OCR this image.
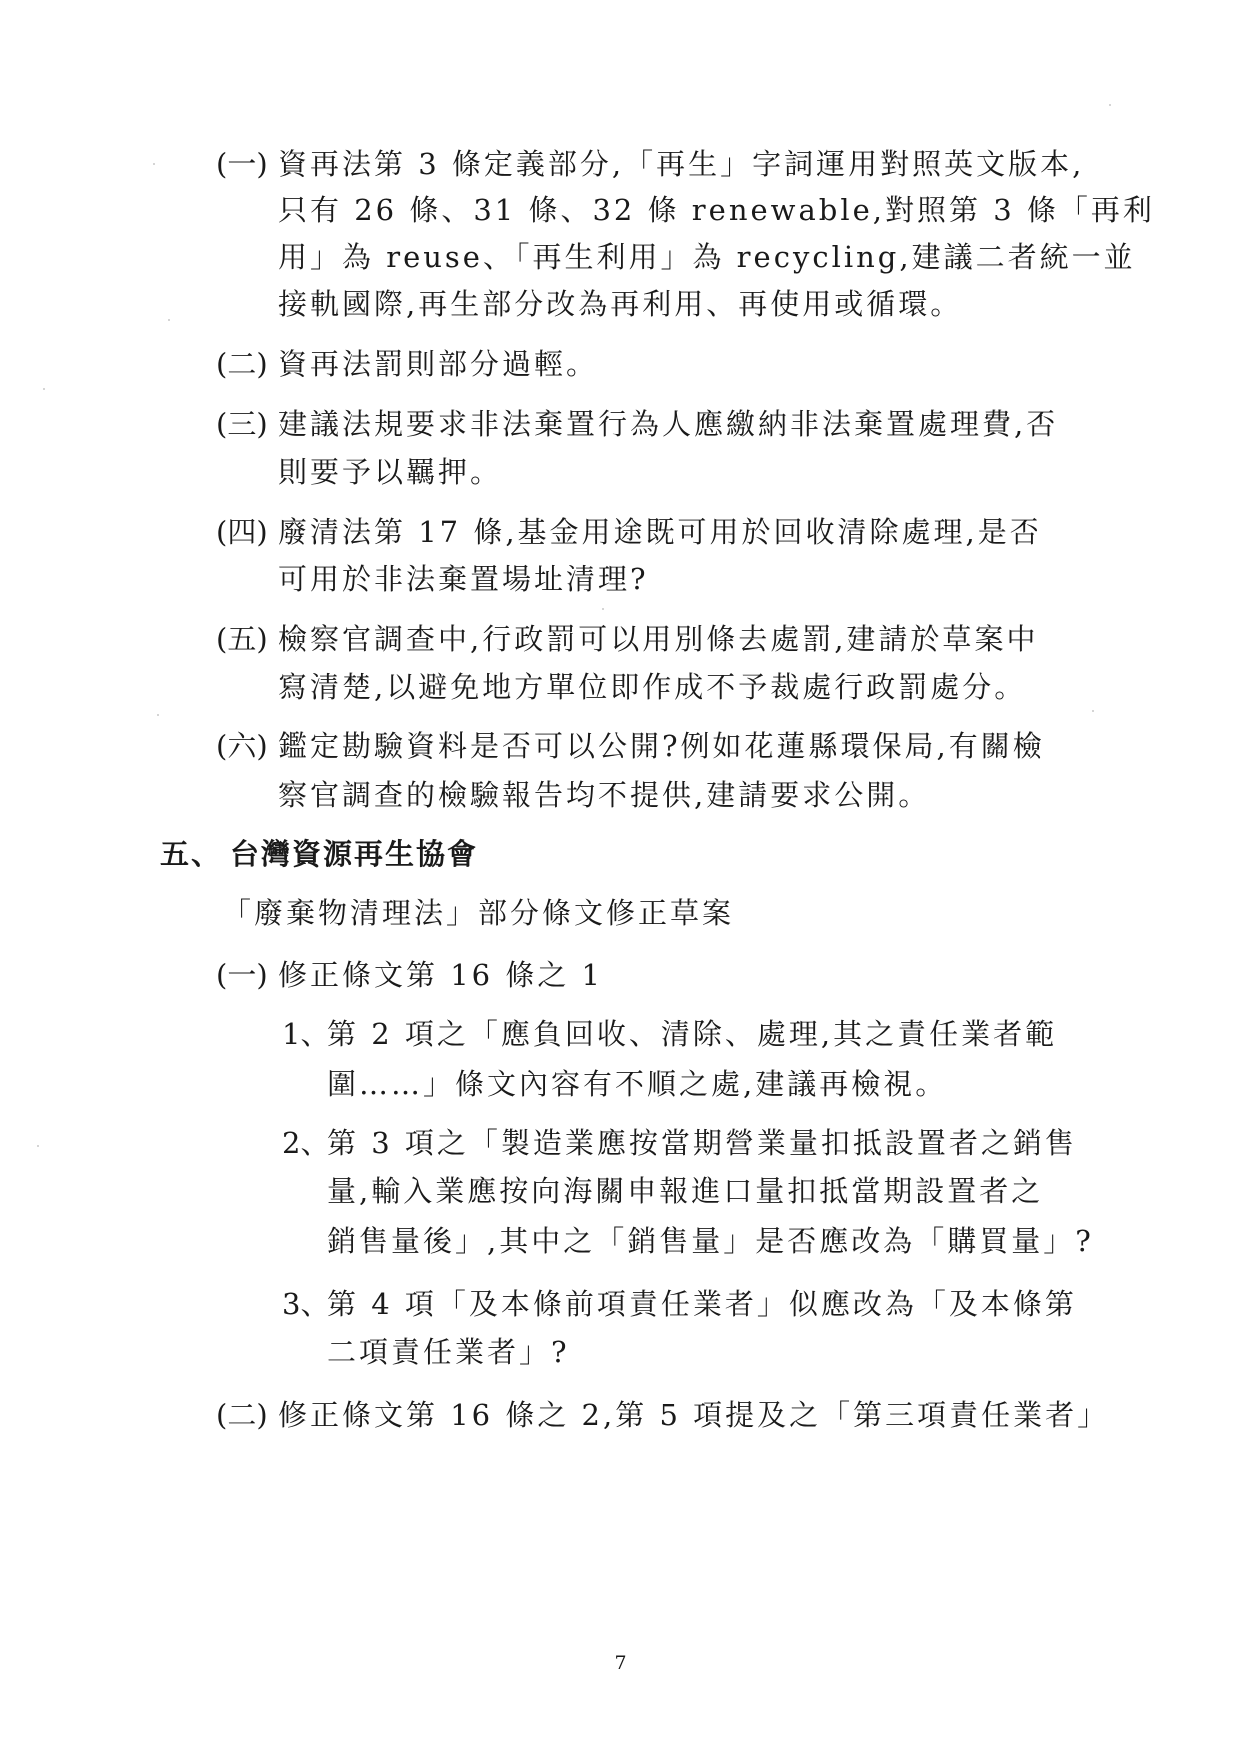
(一) 資再法第 3 條定義部分,「再生」字詞運用對照英文版本,
只有 26 條、31 條、32 條 renewable,對照第 3 條「再利
用」為 reuse、「再生利用」為 recycling,建議二者統一並
接軌國際,再生部分改為再利用、再使用或循環。
(二) 資再法罰則部分過輕。
(三) 建議法規要求非法棄置行為人應繳納非法棄置處理費,否
則要予以羈押。
(四) 廢清法第 17 條,基金用途既可用於回收清除處理,是否
可用於非法棄置場址清理?
(五) 檢察官調查中,行政罰可以用別條去處罰,建請於草案中
寫清楚,以避免地方單位即作成不予裁處行政罰處分。
(六) 鑑定勘驗資料是否可以公開?例如花蓮縣環保局,有關檢
察官調查的檢驗報告均不提供,建請要求公開。
五、 台灣資源再生協會
「廢棄物清理法」部分條文修正草案
(一) 修正條文第 16 條之 1
1、
第 2 項之「應負回收、清除、處理,其之責任業者範
圍……」條文內容有不順之處,建議再檢視。
2、
第 3 項之「製造業應按當期營業量扣抵設置者之銷售
量,輸入業應按向海關申報進口量扣抵當期設置者之
銷售量後」,其中之「銷售量」是否應改為「購買量」?
3、
第 4 項「及本條前項責任業者」似應改為「及本條第
二項責任業者」?
(二) 修正條文第 16 條之 2,第 5 項提及之「第三項責任業者」
7
